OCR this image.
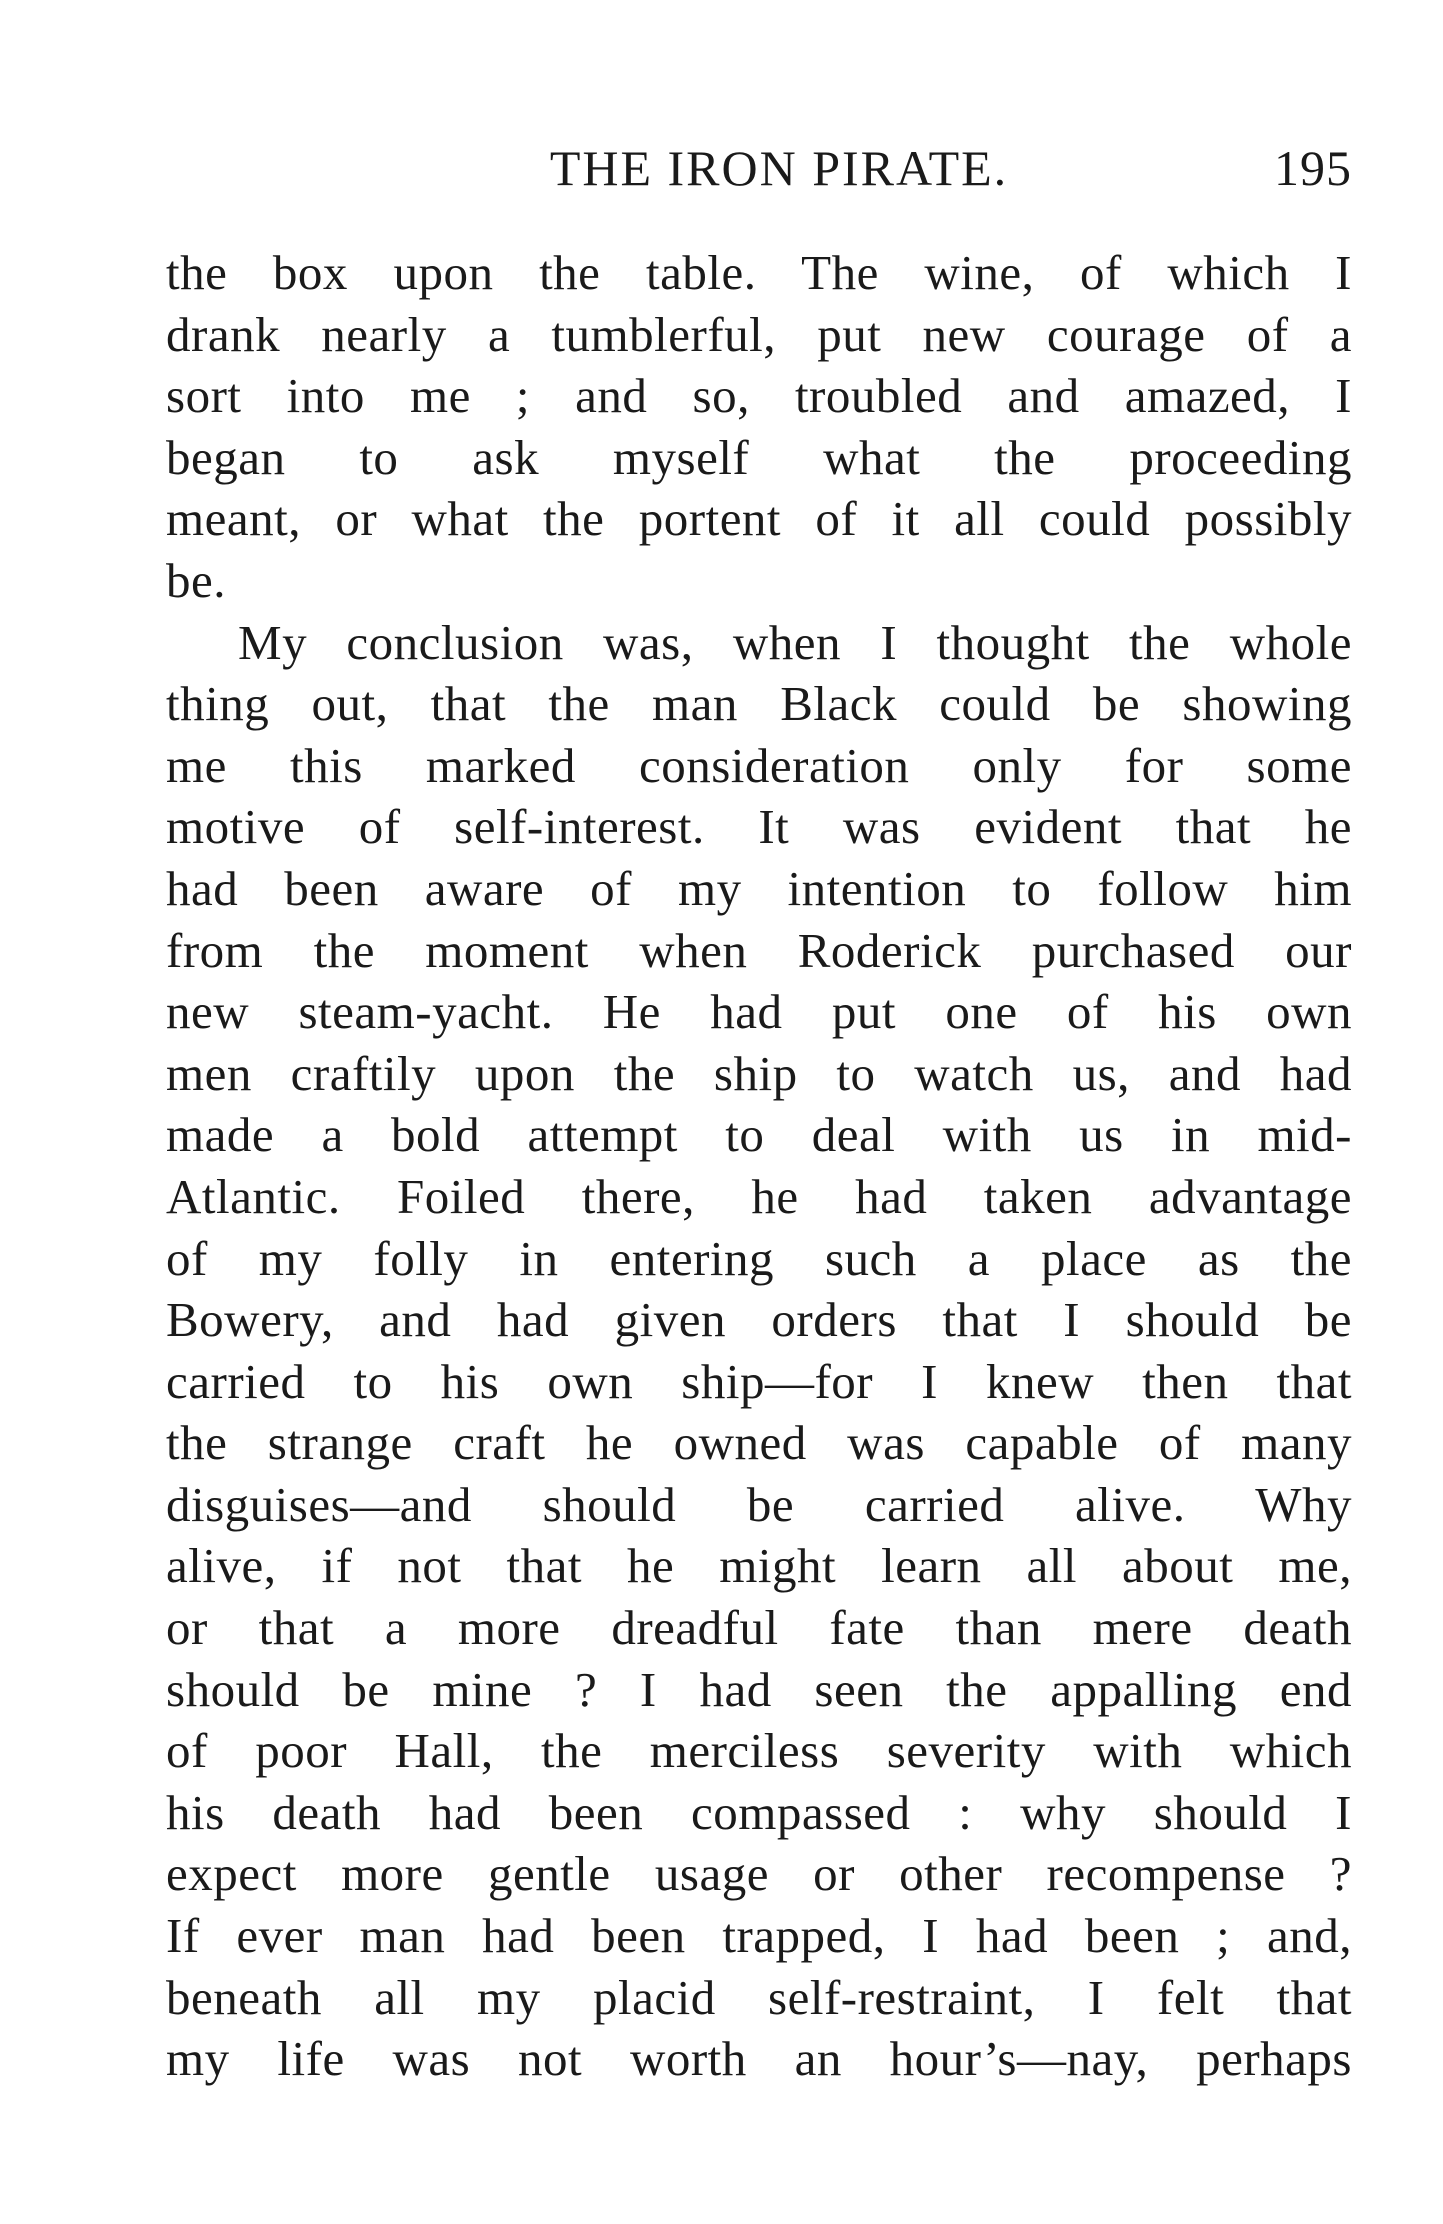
THE IRON PIRATE.	195
the box upon the table. The wine, of which I
drank nearly a tumblerful, put new courage of a
sort into me ; and so, troubled and amazed, I
began to ask myself what the proceeding
meant, or what the portent of it all could possibly
be.
My conclusion was, when I thought the whole
thing out, that the man Black could be showing
me this marked consideration only for some
motive of self-interest. It was evident that he
had been aware of my intention to follow him
from the moment when Roderick purchased our
new steam-yacht. He had put one of his own
men craftily upon the ship to watch us, and had
made a bold attempt to deal with us in mid-
Atlantic. Foiled there, he had taken advantage
of my folly in entering such a place as the
Bowery, and had given orders that I should be
carried to his own ship—for I knew then that
the strange craft he owned was capable of many
disguises—and should be carried alive. Why
alive, if not that he might learn all about me,
or that a more dreadful fate than mere death
should be mine ? I had seen the appalling end
of poor Hall, the merciless severity with which
his death had been compassed : why should I
expect more gentle usage or other recompense ?
If ever man had been trapped, I had been ; and,
beneath all my placid self-restraint, I felt that
my life was not worth an hour’s—nay, perhaps
